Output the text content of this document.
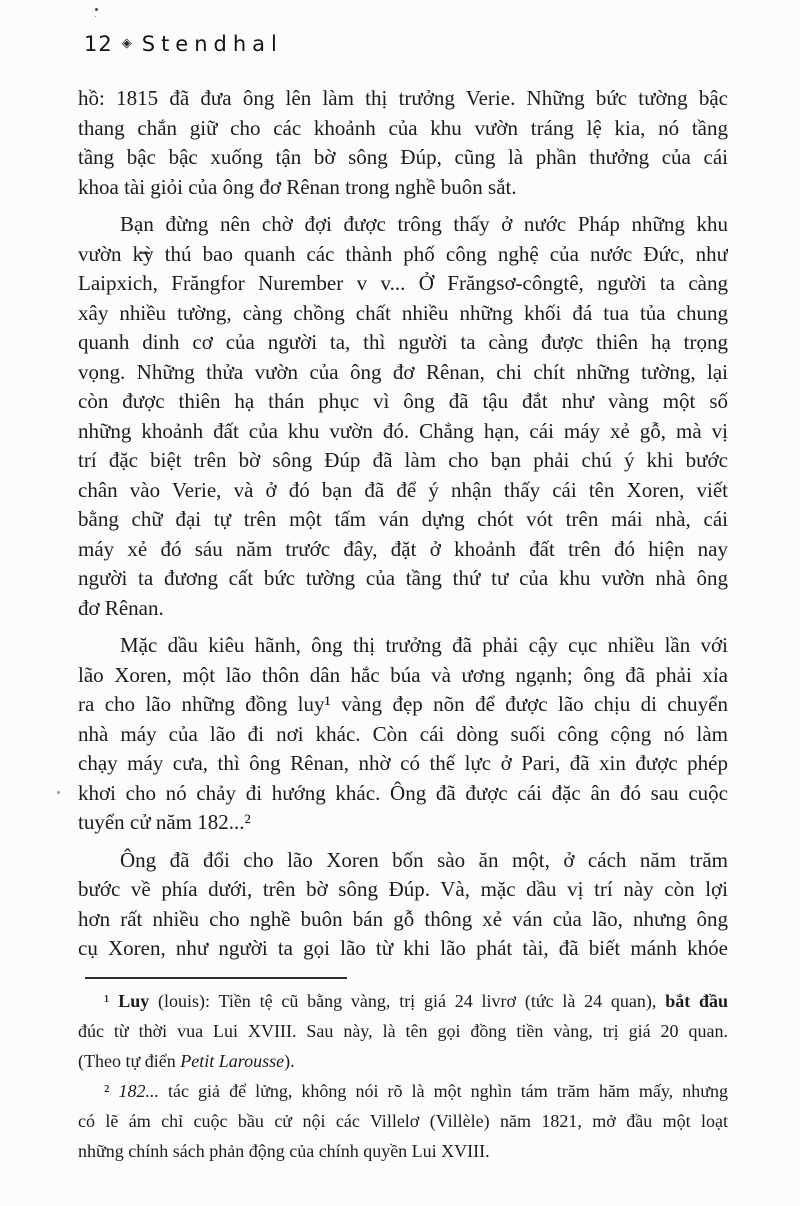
12 ◈ Stendhal
hồ: 1815 đã đưa ông lên làm thị trưởng Verie. Những bức tường bậc
thang chắn giữ cho các khoảnh của khu vườn tráng lệ kia, nó tầng
tầng bậc bậc xuống tận bờ sông Đúp, cũng là phần thưởng của cái
khoa tài giỏi của ông đơ Rênan trong nghề buôn sắt.
Bạn đừng nên chờ đợi được trông thấy ở nước Pháp những khu
vườn kỳ thú bao quanh các thành phố công nghệ của nước Đức, như
Laipxich, Frăngfor Nurember v v... Ở Frăngsơ-côngtê, người ta càng
xây nhiều tường, càng chồng chất nhiều những khối đá tua tủa chung
quanh dinh cơ của người ta, thì người ta càng được thiên hạ trọng
vọng. Những thửa vườn của ông đơ Rênan, chi chít những tường, lại
còn được thiên hạ thán phục vì ông đã tậu đắt như vàng một số
những khoảnh đất của khu vườn đó. Chẳng hạn, cái máy xẻ gỗ, mà vị
trí đặc biệt trên bờ sông Đúp đã làm cho bạn phải chú ý khi bước
chân vào Verie, và ở đó bạn đã để ý nhận thấy cái tên Xoren, viết
bằng chữ đại tự trên một tấm ván dựng chót vót trên mái nhà, cái
máy xẻ đó sáu năm trước đây, đặt ở khoảnh đất trên đó hiện nay
người ta đương cất bức tường của tầng thứ tư của khu vườn nhà ông
đơ Rênan.
Mặc dầu kiêu hãnh, ông thị trưởng đã phải cậy cục nhiều lần với
lão Xoren, một lão thôn dân hắc búa và ương ngạnh; ông đã phải xỉa
ra cho lão những đồng luy¹ vàng đẹp nõn để được lão chịu di chuyển
nhà máy của lão đi nơi khác. Còn cái dòng suối công cộng nó làm
chạy máy cưa, thì ông Rênan, nhờ có thế lực ở Pari, đã xin được phép
khơi cho nó chảy đi hướng khác. Ông đã được cái đặc ân đó sau cuộc
tuyển cử năm 182...²
Ông đã đổi cho lão Xoren bốn sào ăn một, ở cách năm trăm
bước về phía dưới, trên bờ sông Đúp. Và, mặc dầu vị trí này còn lợi
hơn rất nhiều cho nghề buôn bán gỗ thông xẻ ván của lão, nhưng ông
cụ Xoren, như người ta gọi lão từ khi lão phát tài, đã biết mánh khóe
¹ Luy (louis): Tiền tệ cũ bằng vàng, trị giá 24 livrơ (tức là 24 quan), bắt đầu
đúc từ thời vua Lui XVIII. Sau này, là tên gọi đồng tiền vàng, trị giá 20 quan.
(Theo tự điển Petit Larousse).
² 182... tác giả để lửng, không nói rõ là một nghìn tám trăm hăm mấy, nhưng
có lẽ ám chỉ cuộc bầu cử nội các Villelơ (Villèle) năm 1821, mở đầu một loạt
những chính sách phản động của chính quyền Lui XVIII.
